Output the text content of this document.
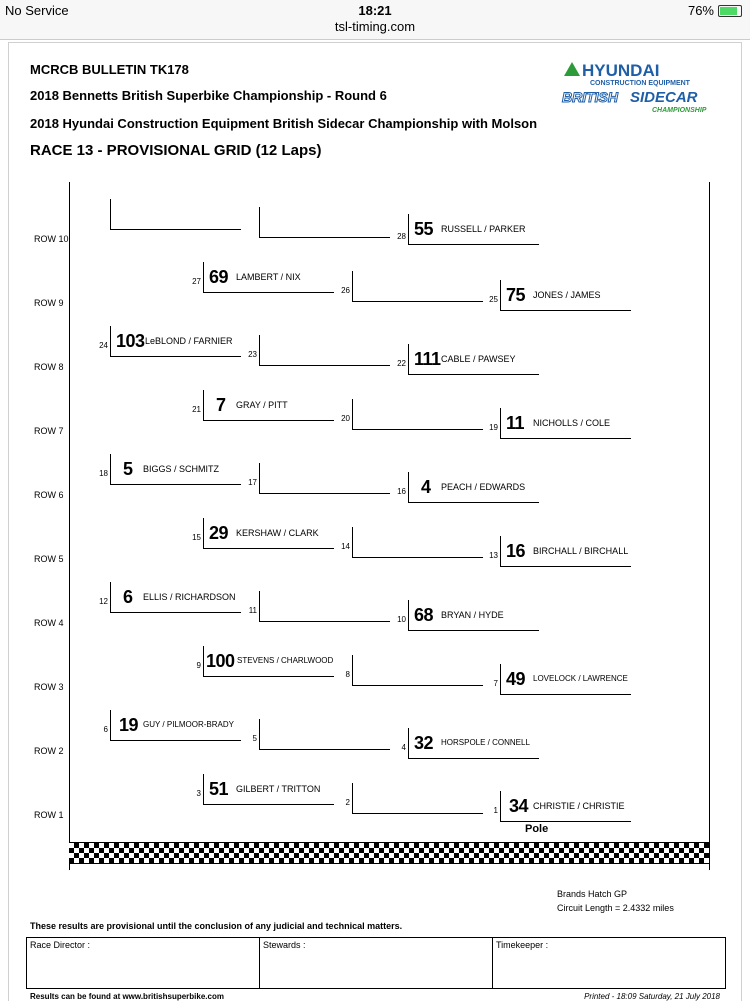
No Service	18:21	76%
tsl-timing.com
MCRCB BULLETIN TK178
2018 Bennetts British Superbike Championship - Round 6
2018 Hyundai Construction Equipment British Sidecar Championship with Molson
RACE 13 - PROVISIONAL GRID (12 Laps)
HYUNDAI
CONSTRUCTION EQUIPMENT
BRITISH SIDECAR
CHAMPIONSHIP
ROW 10
ROW 9
ROW 8
ROW 7
ROW 6
ROW 5
ROW 4
ROW 3
ROW 2
ROW 1
28 55 RUSSELL / PARKER
27 69 LAMBERT / NIX
26
25 75 JONES / JAMES
24 103 LeBLOND / FARNIER
23
22 111 CABLE / PAWSEY
21 7 GRAY / PITT
20
19 11 NICHOLLS / COLE
18 5 BIGGS / SCHMITZ
17
16 4 PEACH / EDWARDS
15 29 KERSHAW / CLARK
14
13 16 BIRCHALL / BIRCHALL
12 6 ELLIS / RICHARDSON
11
10 68 BRYAN / HYDE
9 100 STEVENS / CHARLWOOD
8
7 49 LOVELOCK / LAWRENCE
6 19 GUY / PILMOOR-BRADY
5
4 32 HORSPOLE / CONNELL
3 51 GILBERT / TRITTON
2
1 34 CHRISTIE / CHRISTIE
Pole
Brands Hatch GP
Circuit Length = 2.4332 miles
These results are provisional until the conclusion of any judicial and technical matters.
Race Director :	Stewards :	Timekeeper :
Results can be found at www.britishsuperbike.com	Printed - 18:09 Saturday, 21 July 2018
